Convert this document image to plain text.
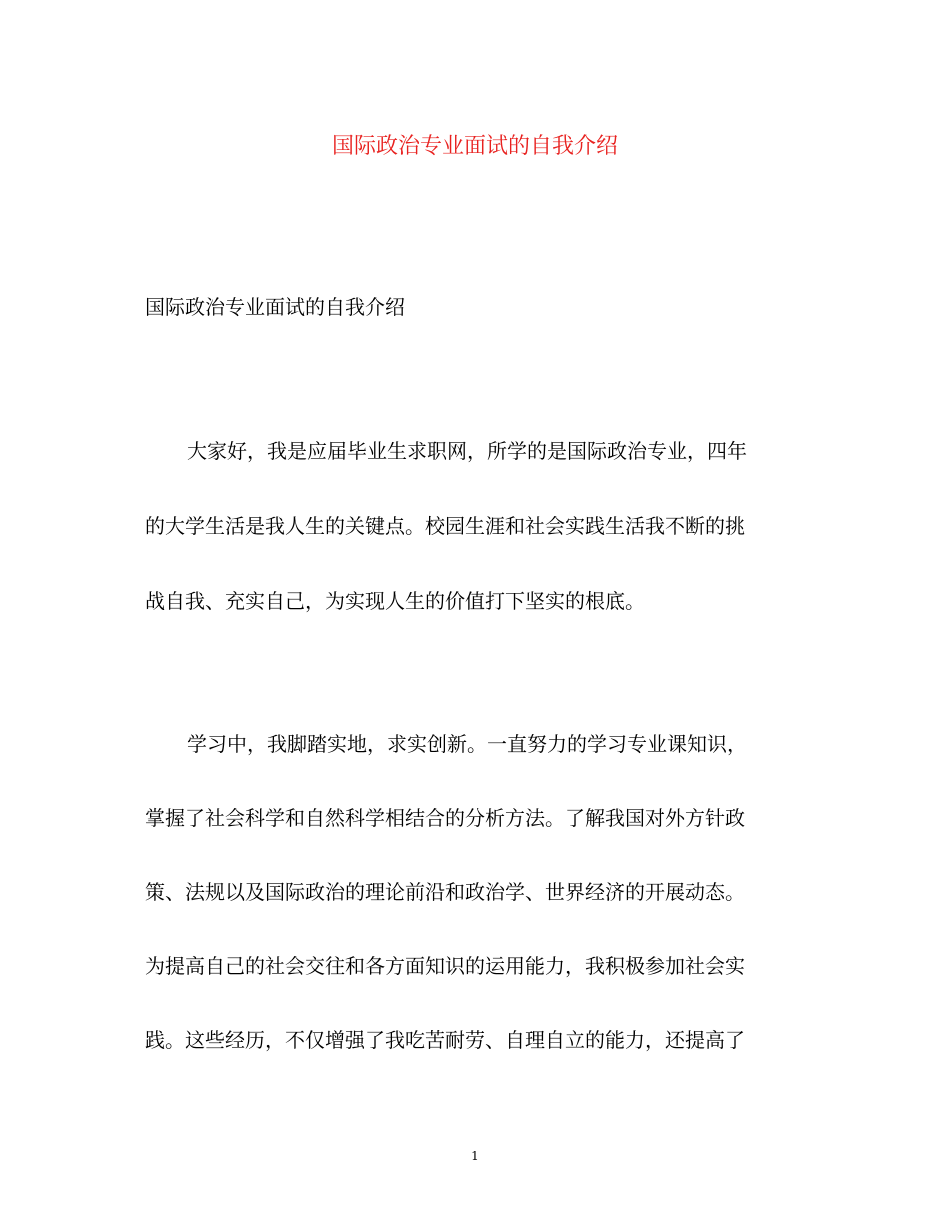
国际政治专业面试的自我介绍
国际政治专业面试的自我介绍
大家好，我是应届毕业生求职网，所学的是国际政治专业，四年
的大学生活是我人生的关键点。校园生涯和社会实践生活我不断的挑
战自我、充实自己，为实现人生的价值打下坚实的根底。
学习中，我脚踏实地，求实创新。一直努力的学习专业课知识，
掌握了社会科学和自然科学相结合的分析方法。了解我国对外方针政
策、法规以及国际政治的理论前沿和政治学、世界经济的开展动态。
为提高自己的社会交往和各方面知识的运用能力，我积极参加社会实
践。这些经历，不仅增强了我吃苦耐劳、自理自立的能力，还提高了
1
